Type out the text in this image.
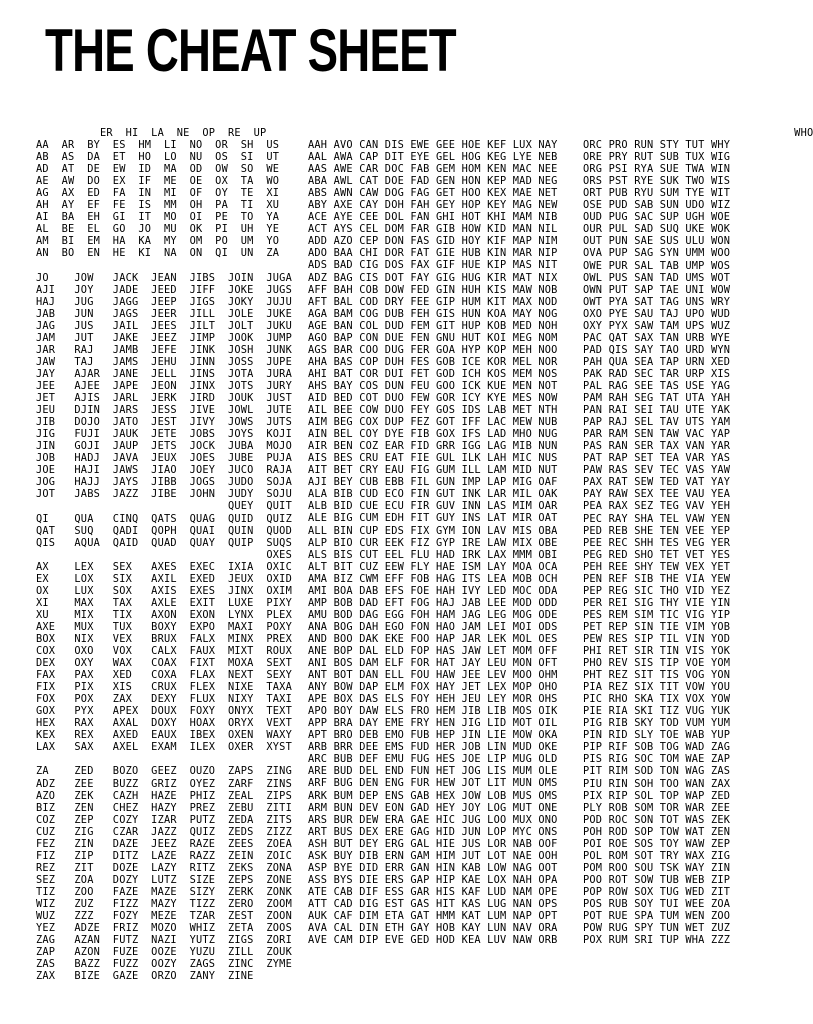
THE CHEAT SHEET
ER  HI  LA  NE  OP  RE  UP
AA  AR  BY  ES  HM  LI  NO  OR  SH  US
AB  AS  DA  ET  HO  LO  NU  OS  SI  UT
AD  AT  DE  EW  ID  MA  OD  OW  SO  WE
AE  AW  DO  EX  IF  ME  OE  OX  TA  WO
AG  AX  ED  FA  IN  MI  OF  OY  TE  XI
AH  AY  EF  FE  IS  MM  OH  PA  TI  XU
AI  BA  EH  GI  IT  MO  OI  PE  TO  YA
AL  BE  EL  GO  JO  MU  OK  PI  UH  YE
AM  BI  EM  HA  KA  MY  OM  PO  UM  YO
AN  BO  EN  HE  KI  NA  ON  QI  UN  ZA

JO    JOW   JACK  JEAN  JIBS  JOIN  JUGA
AJI   JOY   JADE  JEED  JIFF  JOKE  JUGS
HAJ   JUG   JAGG  JEEP  JIGS  JOKY  JUJU
JAB   JUN   JAGS  JEER  JILL  JOLE  JUKE
JAG   JUS   JAIL  JEES  JILT  JOLT  JUKU
JAM   JUT   JAKE  JEEZ  JIMP  JOOK  JUMP
JAR   RAJ   JAMB  JEFE  JINK  JOSH  JUNK
JAW   TAJ   JAMS  JEHU  JINN  JOSS  JUPE
JAY   AJAR  JANE  JELL  JINS  JOTA  JURA
JEE   AJEE  JAPE  JEON  JINX  JOTS  JURY
JET   AJIS  JARL  JERK  JIRD  JOUK  JUST
JEU   DJIN  JARS  JESS  JIVE  JOWL  JUTE
JIB   DOJO  JATO  JEST  JIVY  JOWS  JUTS
JIG   FUJI  JAUK  JETE  JOBS  JOYS  KOJI
JIN   GOJI  JAUP  JETS  JOCK  JUBA  MOJO
JOB   HADJ  JAVA  JEUX  JOES  JUBE  PUJA
JOE   HAJI  JAWS  JIAO  JOEY  JUCO  RAJA
JOG   HAJJ  JAYS  JIBB  JOGS  JUDO  SOJA
JOT   JABS  JAZZ  JIBE  JOHN  JUDY  SOJU
QUEY  QUIT
QI    QUA   CINQ  QATS  QUAG  QUID  QUIZ
QAT   SUQ   QADI  QOPH  QUAI  QUIN  QUOD
QIS   AQUA  QAID  QUAD  QUAY  QUIP  SUQS
OXES
AX    LEX   SEX   AXES  EXEC  IXIA  OXIC
EX    LOX   SIX   AXIL  EXED  JEUX  OXID
OX    LUX   SOX   AXIS  EXES  JINX  OXIM
XI    MAX   TAX   AXLE  EXIT  LUXE  PIXY
XU    MIX   TIX   AXON  EXON  LYNX  PLEX
AXE   MUX   TUX   BOXY  EXPO  MAXI  POXY
BOX   NIX   VEX   BRUX  FALX  MINX  PREX
COX   OXO   VOX   CALX  FAUX  MIXT  ROUX
DEX   OXY   WAX   COAX  FIXT  MOXA  SEXT
FAX   PAX   XED   COXA  FLAX  NEXT  SEXY
FIX   PIX   XIS   CRUX  FLEX  NIXE  TAXA
FOX   POX   ZAX   DEXY  FLUX  NIXY  TAXI
GOX   PYX   APEX  DOUX  FOXY  ONYX  TEXT
HEX   RAX   AXAL  DOXY  HOAX  ORYX  VEXT
KEX   REX   AXED  EAUX  IBEX  OXEN  WAXY
LAX   SAX   AXEL  EXAM  ILEX  OXER  XYST

ZA    ZED   BOZO  GEEZ  OUZO  ZAPS  ZING
ADZ   ZEE   BUZZ  GRIZ  OYEZ  ZARF  ZINS
AZO   ZEK   CAZH  HAZE  PHIZ  ZEAL  ZIPS
BIZ   ZEN   CHEZ  HAZY  PREZ  ZEBU  ZITI
COZ   ZEP   COZY  IZAR  PUTZ  ZEDA  ZITS
CUZ   ZIG   CZAR  JAZZ  QUIZ  ZEDS  ZIZZ
FEZ   ZIN   DAZE  JEEZ  RAZE  ZEES  ZOEA
FIZ   ZIP   DITZ  LAZE  RAZZ  ZEIN  ZOIC
REZ   ZIT   DOZE  LAZY  RITZ  ZEKS  ZONA
SEZ   ZOA   DOZY  LUTZ  SIZE  ZEPS  ZONE
TIZ   ZOO   FAZE  MAZE  SIZY  ZERK  ZONK
WIZ   ZUZ   FIZZ  MAZY  TIZZ  ZERO  ZOOM
WUZ   ZZZ   FOZY  MEZE  TZAR  ZEST  ZOON
YEZ   ADZE  FRIZ  MOZO  WHIZ  ZETA  ZOOS
ZAG   AZAN  FUTZ  NAZI  YUTZ  ZIGS  ZORI
ZAP   AZON  FUZE  OOZE  YUZU  ZILL  ZOUK
ZAS   BAZZ  FUZZ  OOZY  ZAGS  ZINC  ZYME
ZAX   BIZE  GAZE  ORZO  ZANY  ZINE
AAH AVO CAN DIS EWE GEE HOE KEF LUX NAY
AAL AWA CAP DIT EYE GEL HOG KEG LYE NEB
AAS AWE CAR DOC FAB GEM HOM KEN MAC NEE
ABA AWL CAT DOE FAD GEN HON KEP MAD NEG
ABS AWN CAW DOG FAG GET HOO KEX MAE NET
ABY AXE CAY DOH FAH GEY HOP KEY MAG NEW
ACE AYE CEE DOL FAN GHI HOT KHI MAM NIB
ACT AYS CEL DOM FAR GIB HOW KID MAN NIL
ADD AZO CEP DON FAS GID HOY KIF MAP NIM
ADO BAA CHI DOR FAT GIE HUB KIN MAR NIP
ADS BAD CIG DOS FAX GIF HUE KIP MAS NIT
ADZ BAG CIS DOT FAY GIG HUG KIR MAT NIX
AFF BAH COB DOW FED GIN HUH KIS MAW NOB
AFT BAL COD DRY FEE GIP HUM KIT MAX NOD
AGA BAM COG DUB FEH GIS HUN KOA MAY NOG
AGE BAN COL DUD FEM GIT HUP KOB MED NOH
AGO BAP CON DUE FEN GNU HUT KOI MEG NOM
AGS BAR COO DUG FER GOA HYP KOP MEH NOO
AHA BAS COP DUH FES GOB ICE KOR MEL NOR
AHI BAT COR DUI FET GOD ICH KOS MEM NOS
AHS BAY COS DUN FEU GOO ICK KUE MEN NOT
AID BED COT DUO FEW GOR ICY KYE MES NOW
AIL BEE COW DUO FEY GOS IDS LAB MET NTH
AIM BEG COX DUP FEZ GOT IFF LAC MEW NUB
AIN BEL COY DYE FIB GOX IFS LAD MHO NUG
AIR BEN COZ EAR FID GRR IGG LAG MIB NUN
AIS BES CRU EAT FIE GUL ILK LAH MIC NUS
AIT BET CRY EAU FIG GUM ILL LAM MID NUT
AJI BEY CUB EBB FIL GUN IMP LAP MIG OAF
ALA BIB CUD ECO FIN GUT INK LAR MIL OAK
ALB BID CUE ECU FIR GUV INN LAS MIM OAR
ALE BIG CUM EDH FIT GUY INS LAT MIR OAT
ALL BIN CUP EDS FIX GYM ION LAV MIS OBA
ALP BIO CUR EEK FIZ GYP IRE LAW MIX OBE
ALS BIS CUT EEL FLU HAD IRK LAX MMM OBI
ALT BIT CUZ EEW FLY HAE ISM LAY MOA OCA
AMA BIZ CWM EFF FOB HAG ITS LEA MOB OCH
AMI BOA DAB EFS FOE HAH IVY LED MOC ODA
AMP BOB DAD EFT FOG HAJ JAB LEE MOD ODD
AMU BOD DAG EGG FOH HAM JAG LEG MOG ODE
ANA BOG DAH EGO FON HAO JAM LEI MOI ODS
AND BOO DAK EKE FOO HAP JAR LEK MOL OES
ANE BOP DAL ELD FOP HAS JAW LET MOM OFF
ANI BOS DAM ELF FOR HAT JAY LEU MON OFT
ANT BOT DAN ELL FOU HAW JEE LEV MOO OHM
ANY BOW DAP ELM FOX HAY JET LEX MOP OHO
APE BOX DAS ELS FOY HEH JEU LEY MOR OHS
APO BOY DAW ELS FRO HEM JIB LIB MOS OIK
APP BRA DAY EME FRY HEN JIG LID MOT OIL
APT BRO DEB EMO FUB HEP JIN LIE MOW OKA
ARB BRR DEE EMS FUD HER JOB LIN MUD OKE
ARC BUB DEF EMU FUG HES JOE LIP MUG OLD
ARE BUD DEL END FUN HET JOG LIS MUM OLE
ARF BUG DEN ENG FUR HEW JOT LIT MUN OMS
ARK BUM DEP ENS GAB HEX JOW LOB MUS OMS
ARM BUN DEV EON GAD HEY JOY LOG MUT ONE
ARS BUR DEW ERA GAE HIC JUG LOO MUX ONO
ART BUS DEX ERE GAG HID JUN LOP MYC ONS
ASH BUT DEY ERG GAL HIE JUS LOR NAB OOF
ASK BUY DIB ERN GAM HIM JUT LOT NAE OOH
ASP BYE DID ERR GAN HIN KAB LOW NAG OOT
ASS BYS DIE ERS GAP HIP KAE LOX NAH OPA
ATE CAB DIF ESS GAR HIS KAF LUD NAM OPE
ATT CAD DIG EST GAS HIT KAS LUG NAN OPS
AUK CAF DIM ETA GAT HMM KAT LUM NAP OPT
AVA CAL DIN ETH GAY HOB KAY LUN NAV ORA
AVE CAM DIP EVE GED HOD KEA LUV NAW ORB
WHO
ORC PRO RUN STY TUT WHY
ORE PRY RUT SUB TUX WIG
ORG PSI RYA SUE TWA WIN
ORS PST RYE SUK TWO WIS
ORT PUB RYU SUM TYE WIT
OSE PUD SAB SUN UDO WIZ
OUD PUG SAC SUP UGH WOE
OUR PUL SAD SUQ UKE WOK
OUT PUN SAE SUS ULU WON
OVA PUP SAG SYN UMM WOO
OWE PUR SAL TAB UMP WOS
OWL PUS SAN TAD UMS WOT
OWN PUT SAP TAE UNI WOW
OWT PYA SAT TAG UNS WRY
OXO PYE SAU TAJ UPO WUD
OXY PYX SAW TAM UPS WUZ
PAC QAT SAX TAN URB WYE
PAD QIS SAY TAO URD WYN
PAH QUA SEA TAP URN XED
PAK RAD SEC TAR URP XIS
PAL RAG SEE TAS USE YAG
PAM RAH SEG TAT UTA YAH
PAN RAI SEI TAU UTE YAK
PAP RAJ SEL TAV UTS YAM
PAR RAM SEN TAW VAC YAP
PAS RAN SER TAX VAN YAR
PAT RAP SET TEA VAR YAS
PAW RAS SEV TEC VAS YAW
PAX RAT SEW TED VAT YAY
PAY RAW SEX TEE VAU YEA
PEA RAX SEZ TEG VAV YEH
PEC RAY SHA TEL VAW YEN
PED REB SHE TEN VEE YEP
PEE REC SHH TES VEG YER
PEG RED SHO TET VET YES
PEH REE SHY TEW VEX YET
PEN REF SIB THE VIA YEW
PEP REG SIC THO VID YEZ
PER REI SIG THY VIE YIN
PES REM SIM TIC VIG YIP
PET REP SIN TIE VIM YOB
PEW RES SIP TIL VIN YOD
PHI RET SIR TIN VIS YOK
PHO REV SIS TIP VOE YOM
PHT REZ SIT TIS VOG YON
PIA REZ SIX TIT VOW YOU
PIC RHO SKA TIX VOX YOW
PIE RIA SKI TIZ VUG YUK
PIG RIB SKY TOD VUM YUM
PIN RID SLY TOE WAB YUP
PIP RIF SOB TOG WAD ZAG
PIS RIG SOC TOM WAE ZAP
PIT RIM SOD TON WAG ZAS
PIU RIN SOH TOO WAN ZAX
PIX RIP SOL TOP WAP ZED
PLY ROB SOM TOR WAR ZEE
POD ROC SON TOT WAS ZEK
POH ROD SOP TOW WAT ZEN
POI ROE SOS TOY WAW ZEP
POL ROM SOT TRY WAX ZIG
POM ROO SOU TSK WAY ZIN
POO ROT SOW TUB WEB ZIP
POP ROW SOX TUG WED ZIT
POS RUB SOY TUI WEE ZOA
POT RUE SPA TUM WEN ZOO
POW RUG SPY TUN WET ZUZ
POX RUM SRI TUP WHA ZZZ
